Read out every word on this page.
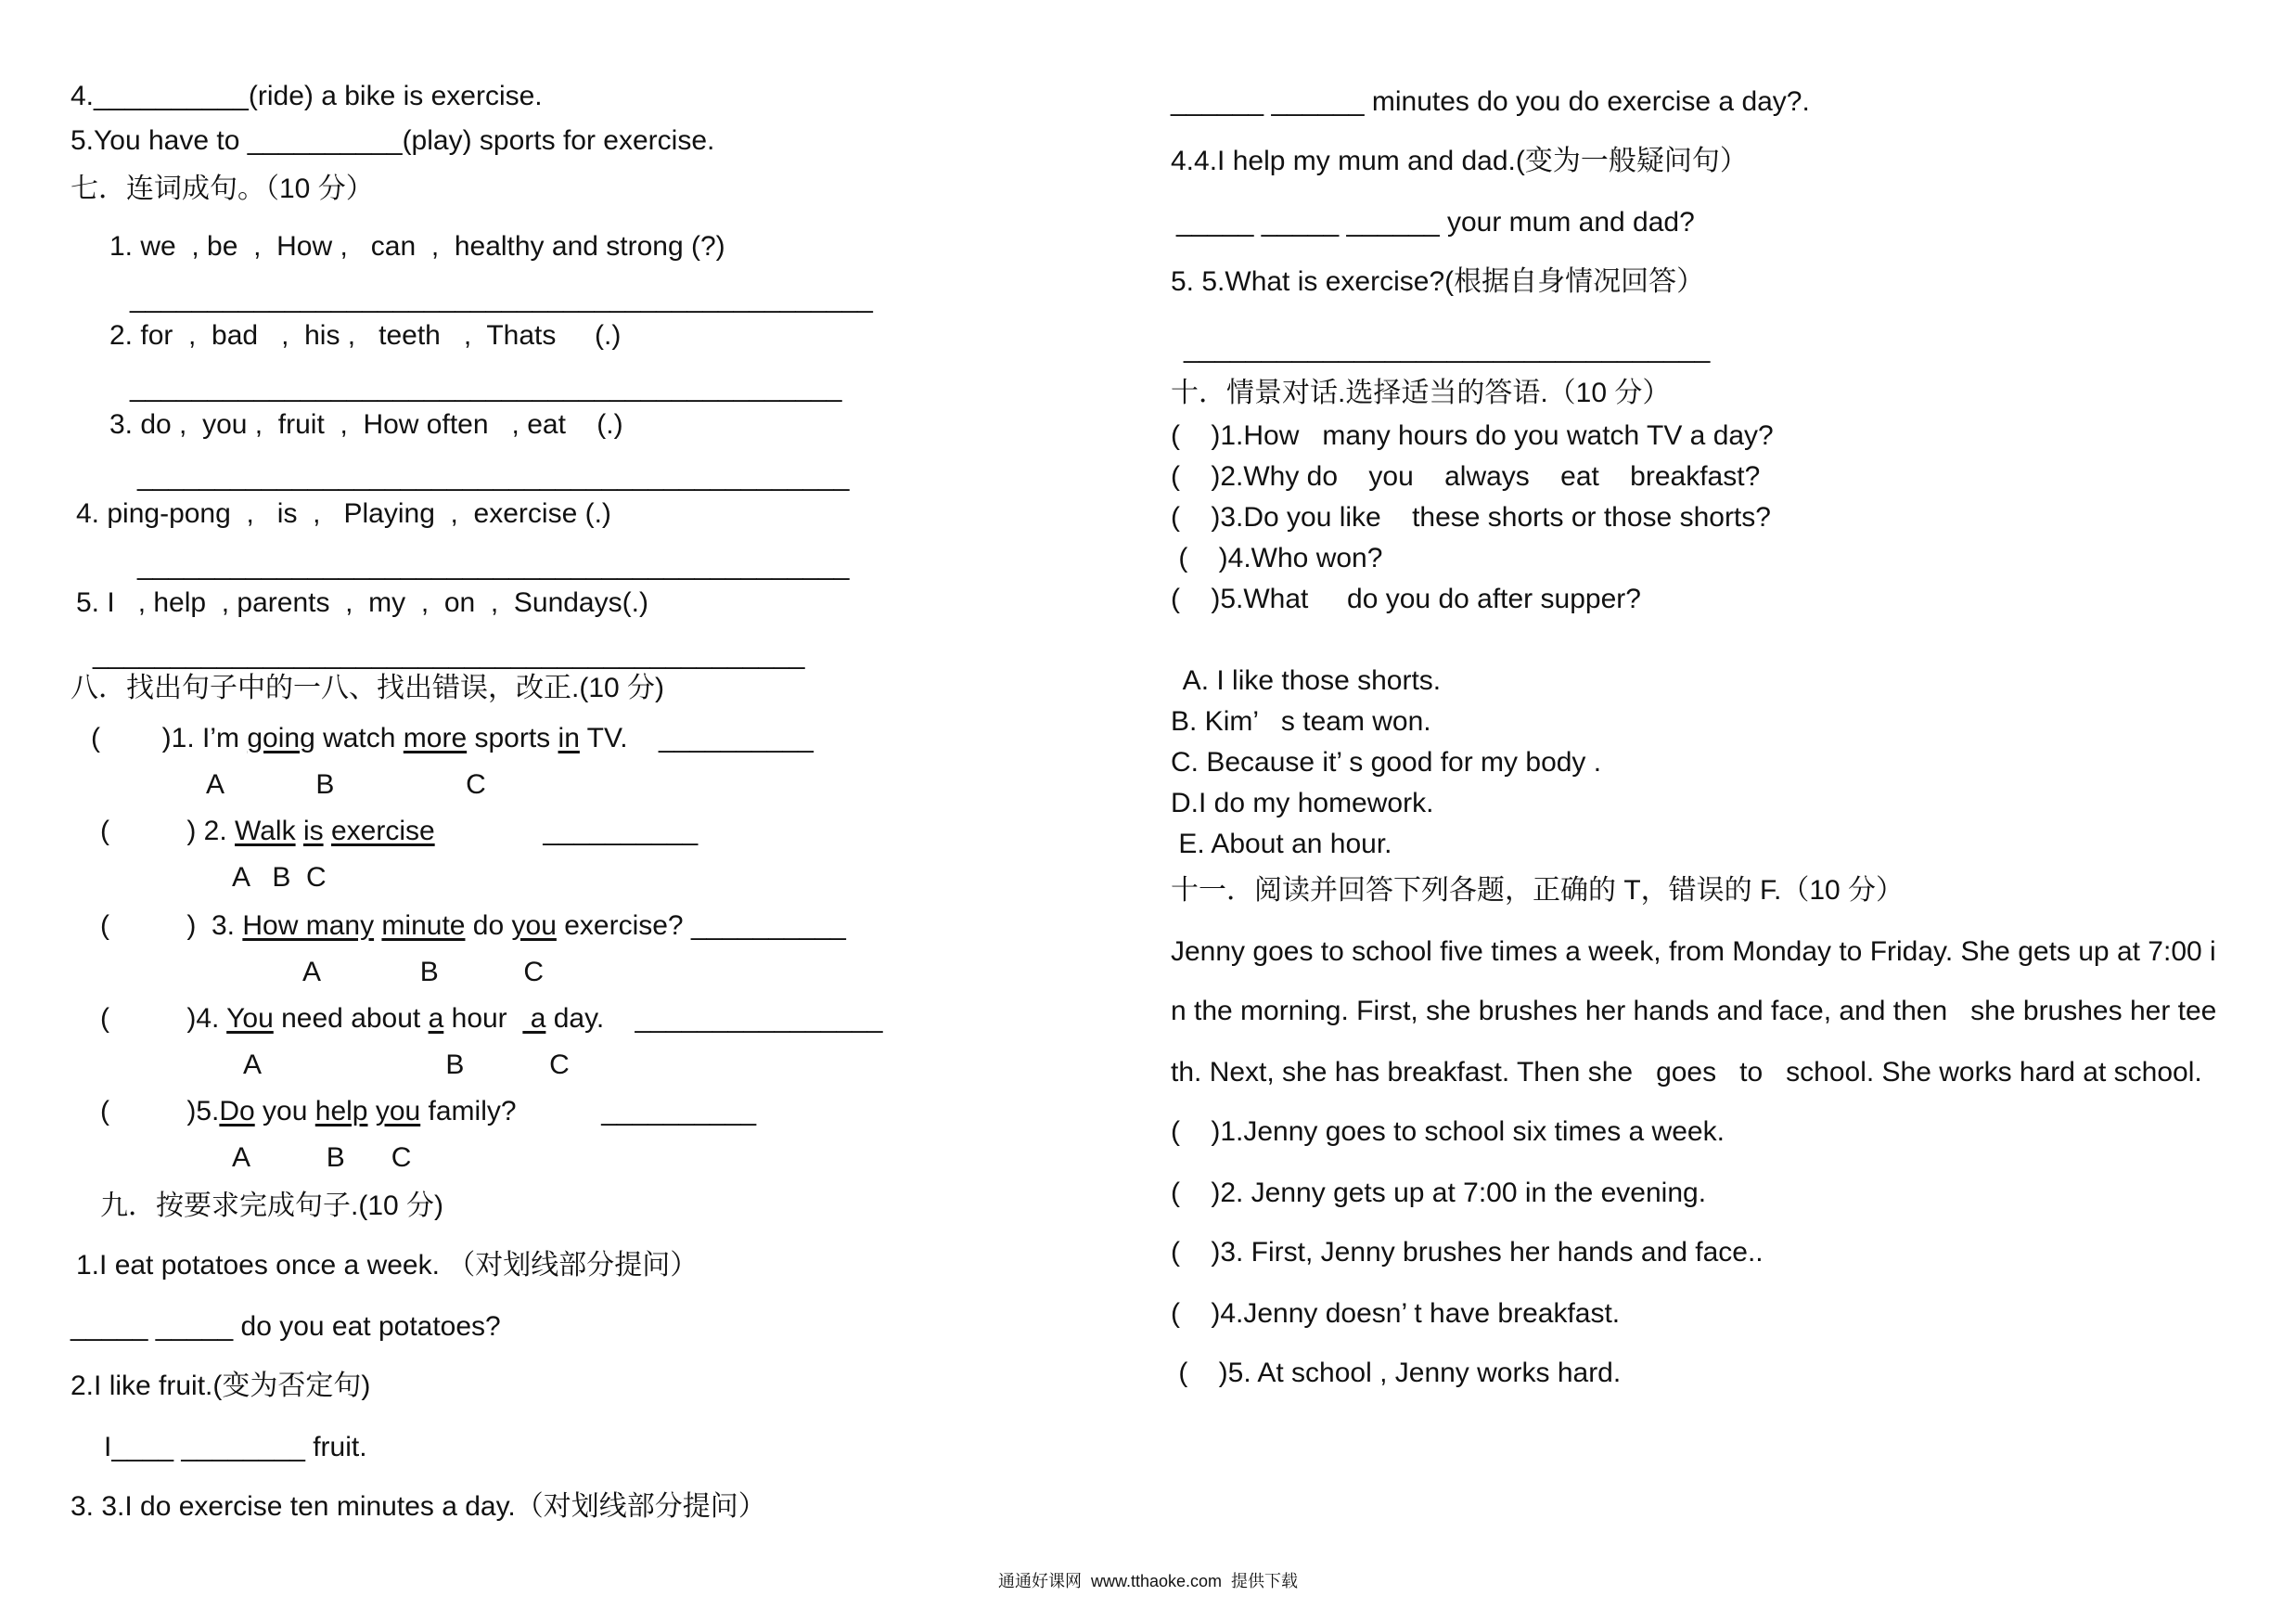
4.__________(ride) a bike is exercise.
5.You have to __________(play) sports for exercise.
七．连词成句。（10 分）
1. we  , be  ,  How ,   can  ,  healthy and strong (?)
________________________________________________
2. for  ,  bad   ,  his ,   teeth   ,  Thats     (.)
______________________________________________
3. do ,  you ,  fruit  ,  How often   , eat    (.)
______________________________________________
4. ping-pong  ,   is  ,   Playing  ,  exercise (.)
______________________________________________
5. I   , help  , parents  ,  my  ,  on  ,  Sundays(.)
______________________________________________
八．找出句子中的一八、找出错误，改正.(10 分)
(        )1. I’m going watch more sports in TV.    __________
A            B                 C
(          ) 2. Walk is exercise              __________
A   B  C
(          )  3. How many minute do you exercise? __________
A             B           C
(          )4. You need about a hour   a day.    ________________
A                        B           C
(          )5.Do you help you family?           __________
A          B      C
九．按要求完成句子.(10 分)
1.I eat potatoes once a week. （对划线部分提问）
_____ _____ do you eat potatoes?
2.I like fruit.(变为否定句)
I____ ________ fruit.
3. 3.I do exercise ten minutes a day.（对划线部分提问）
______ ______ minutes do you do exercise a day?.
4.4.I help my mum and dad.(变为一般疑问句）
_____ _____ ______ your mum and dad?
5. 5.What is exercise?(根据自身情况回答）
__________________________________
十．情景对话.选择适当的答语.（10 分）
(    )1.How   many hours do you watch TV a day?
(    )2.Why do    you    always    eat    breakfast?
(    )3.Do you like    these shorts or those shorts?
(    )4.Who won?
(    )5.What     do you do after supper?
A. I like those shorts.
B. Kim’   s team won.
C. Because it’ s good for my body .
D.I do my homework.
E. About an hour.
十一．阅读并回答下列各题，正确的 T，错误的 F.（10 分）
Jenny goes to school five times a week, from Monday to Friday. She gets up at 7:00 i
n the morning. First, she brushes her hands and face, and then   she brushes her tee
th. Next, she has breakfast. Then she   goes   to   school. She works hard at school.
(    )1.Jenny goes to school six times a week.
(    )2. Jenny gets up at 7:00 in the evening.
(    )3. First, Jenny brushes her hands and face..
(    )4.Jenny doesn’ t have breakfast.
(    )5. At school , Jenny works hard.
通通好课网  www.tthaoke.com  提供下载
